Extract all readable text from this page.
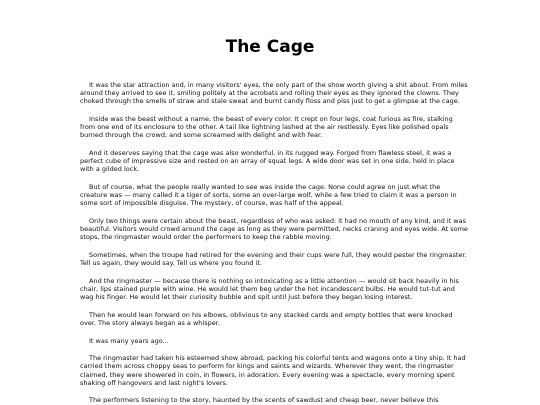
The Cage

It was the star attraction and, in many visitors' eyes, the only part of the show worth giving a shit about. From miles around they arrived to see it, smiling politely at the acrobats and rolling their eyes as they ignored the clowns. They choked through the smells of straw and stale sweat and burnt candy floss and piss just to get a glimpse at the cage.

Inside was the beast without a name, the beast of every color. It crept on four legs, coat furious as fire, stalking from one end of its enclosure to the other. A tail like lightning lashed at the air restlessly. Eyes like polished opals burned through the crowd, and some screamed with delight and with fear.

And it deserves saying that the cage was also wonderful, in its rugged way. Forged from flawless steel, it was a perfect cube of impressive size and rested on an array of squat legs. A wide door was set in one side, held in place with a gilded lock.

But of course, what the people really wanted to see was inside the cage. None could agree on just what the creature was — many called it a tiger of sorts, some an over-large wolf, while a few tried to claim it was a person in some sort of impossible disguise. The mystery, of course, was half of the appeal.

Only two things were certain about the beast, regardless of who was asked: it had no mouth of any kind, and it was beautiful. Visitors would crowd around the cage as long as they were permitted, necks craning and eyes wide. At some stops, the ringmaster would order the performers to keep the rabble moving.

Sometimes, when the troupe had retired for the evening and their cups were full, they would pester the ringmaster. Tell us again, they would say. Tell us where you found it.

And the ringmaster — because there is nothing so intoxicating as a little attention — would sit back heavily in his chair, lips stained purple with wine. He would let them beg under the hot incandescent bulbs. He would tut-tut and wag his finger. He would let their curiosity bubble and spit until just before they began losing interest.

Then he would lean forward on his elbows, oblivious to any stacked cards and empty bottles that were knocked over. The story always began as a whisper.

It was many years ago...

The ringmaster had taken his esteemed show abroad, packing his colorful tents and wagons onto a tiny ship. It had carried them across choppy seas to perform for kings and saints and wizards. Wherever they went, the ringmaster claimed, they were showered in coin, in flowers, in adoration. Every evening was a spectacle, every morning spent shaking off hangovers and last night's lovers.

The performers listening to the story, haunted by the scents of sawdust and cheap beer, never believe this
